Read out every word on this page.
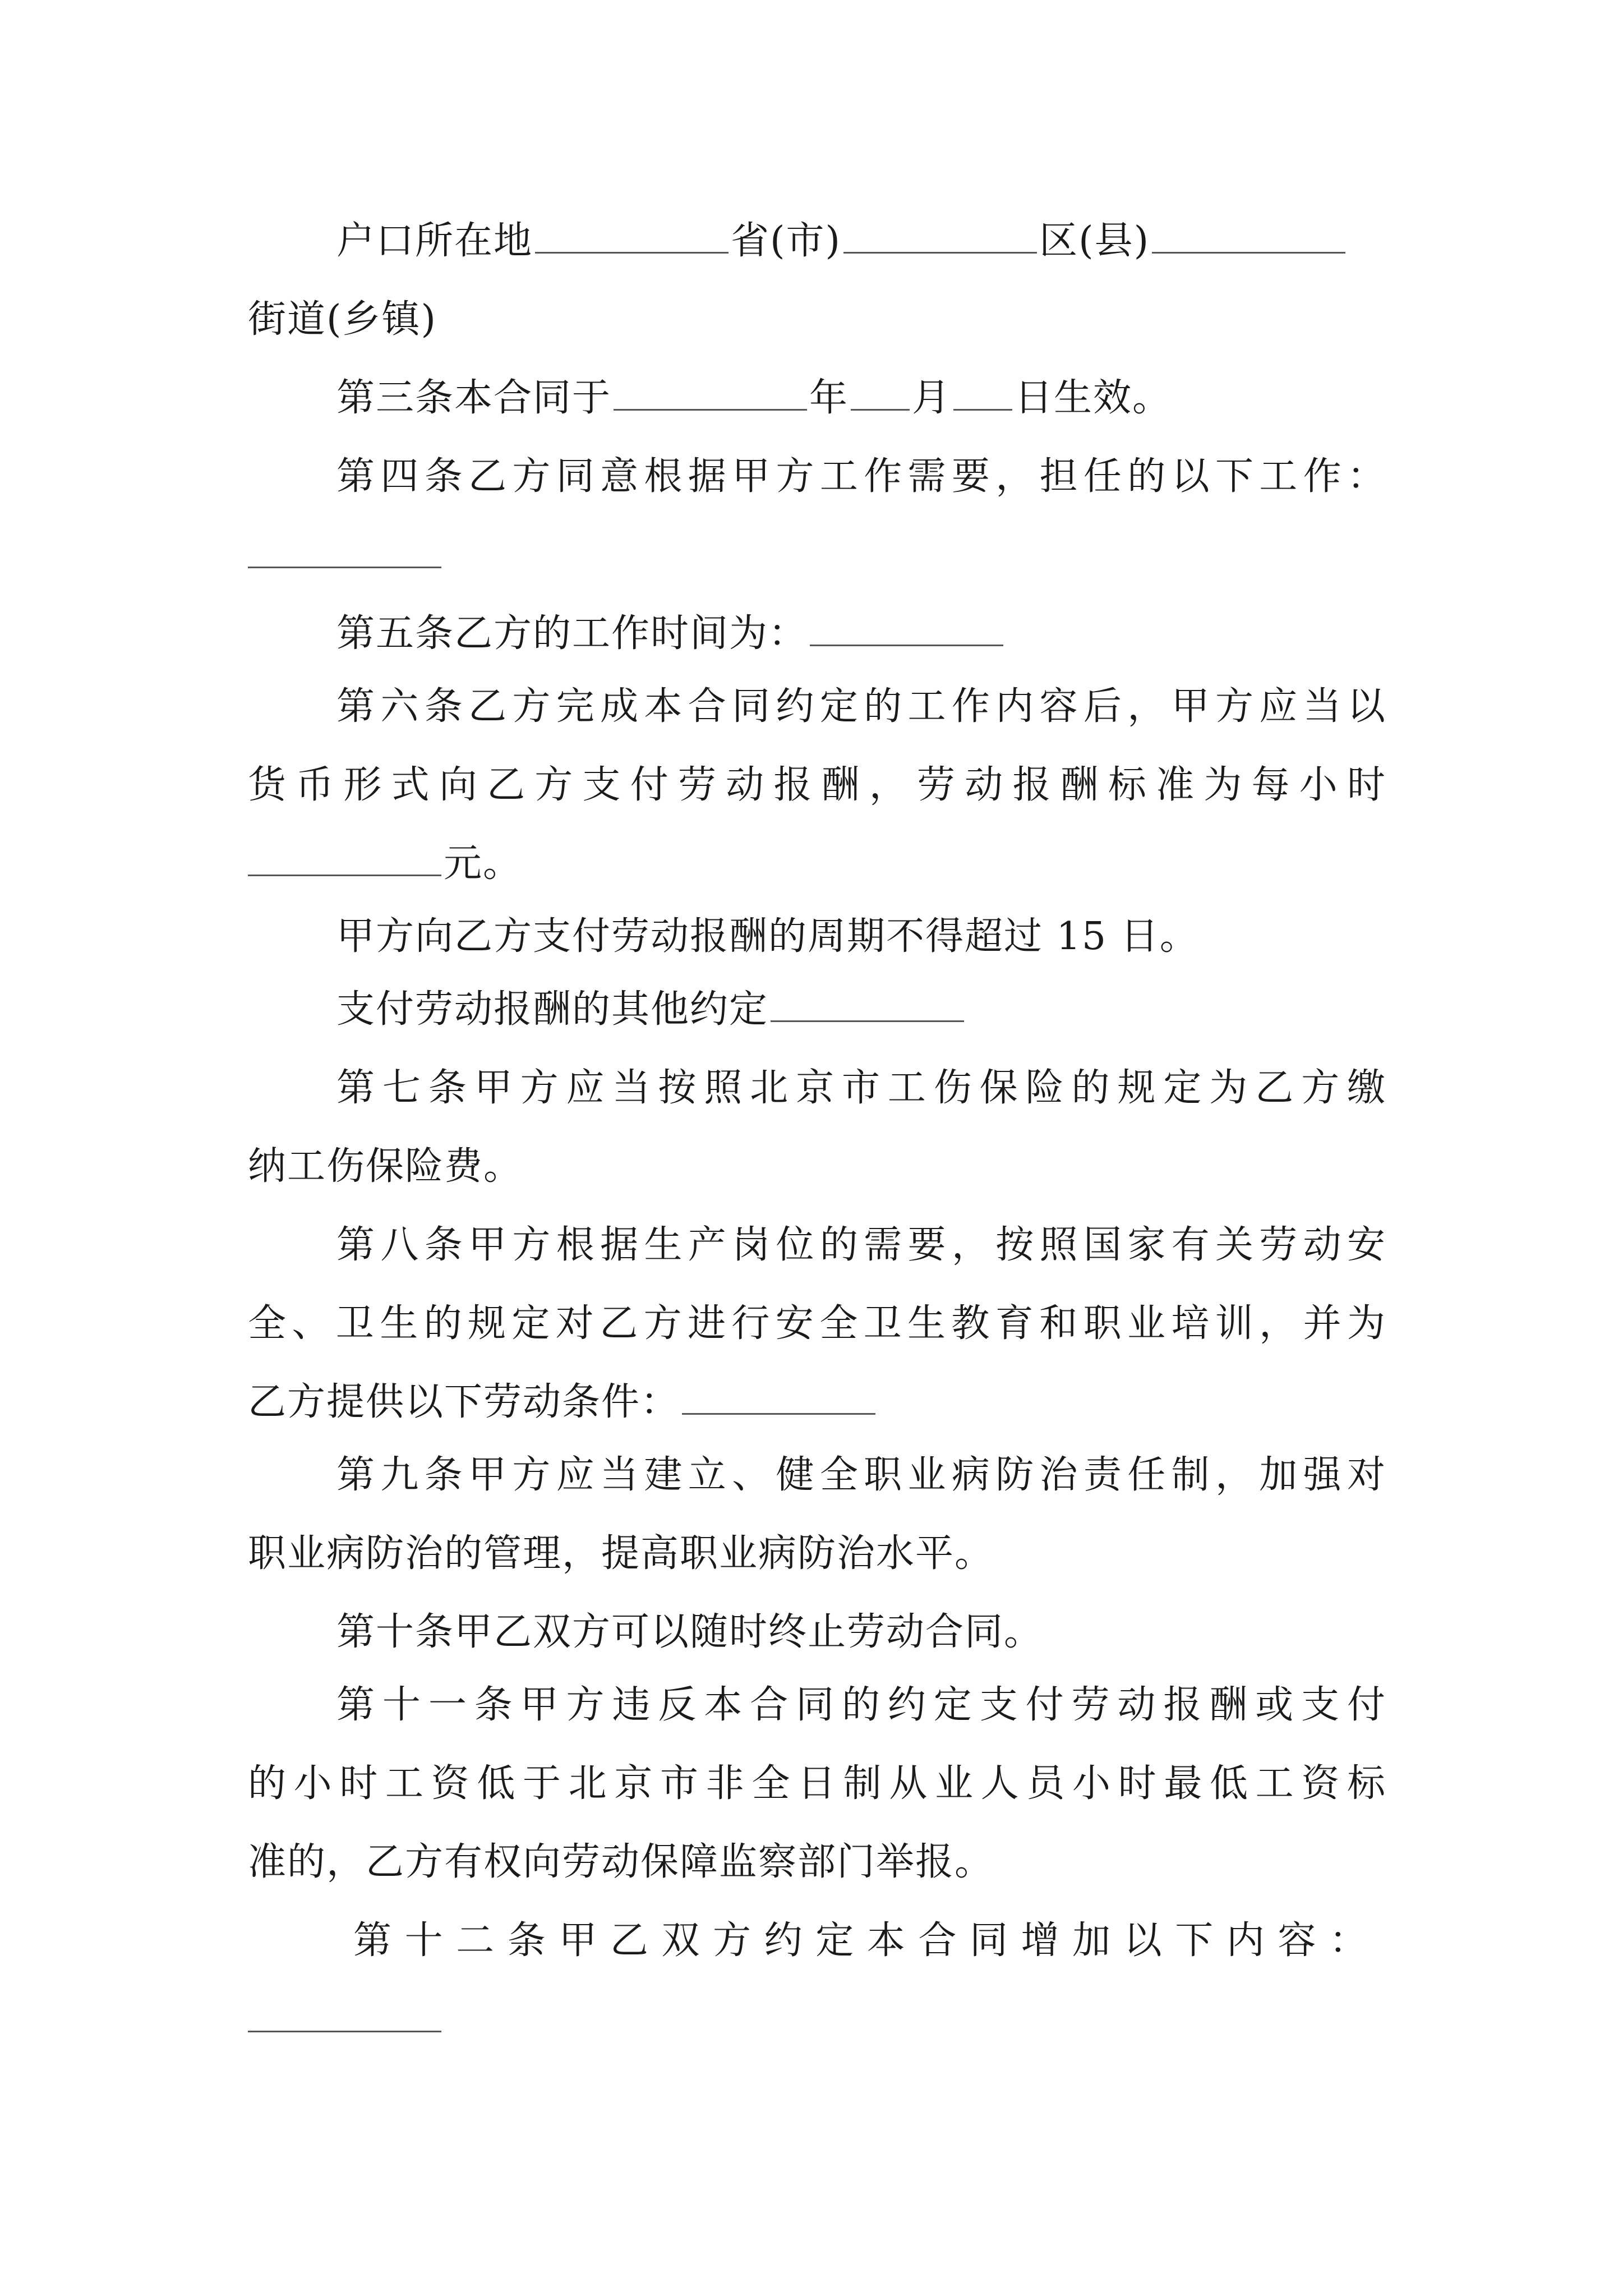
户口所在地	省(市)	区(县)
街道(乡镇)
第三条本合同于	年 月 日生效。
第四条乙方同意根据甲方工作需要，担任的以下工作：
第五条乙方的工作时间为：
第六条乙方完成本合同约定的工作内容后，甲方应当以
货币形式向乙方支付劳动报酬，劳动报酬标准为每小时
元。
甲方向乙方支付劳动报酬的周期不得超过 15 日。
支付劳动报酬的其他约定
第七条甲方应当按照北京市工伤保险的规定为乙方缴
纳工伤保险费。
第八条甲方根据生产岗位的需要，按照国家有关劳动安
全、卫生的规定对乙方进行安全卫生教育和职业培训，并为
乙方提供以下劳动条件：
第九条甲方应当建立、健全职业病防治责任制，加强对
职业病防治的管理，提高职业病防治水平。
第十条甲乙双方可以随时终止劳动合同。
第十一条甲方违反本合同的约定支付劳动报酬或支付
的小时工资低于北京市非全日制从业人员小时最低工资标
准的，乙方有权向劳动保障监察部门举报。
第十二条甲乙双方约定本合同增加以下内容：
